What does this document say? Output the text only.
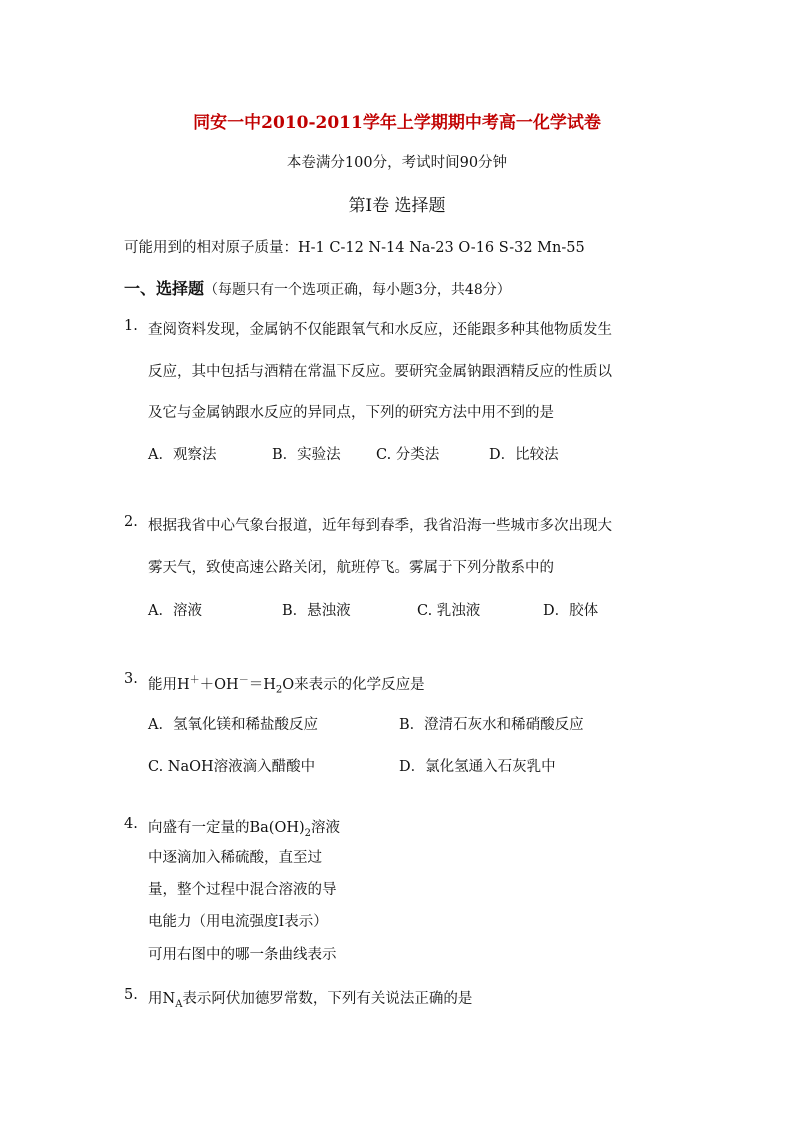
同安一中2010-2011学年上学期期中考高一化学试卷
本卷满分100分，考试时间90分钟
第Ⅰ卷 选择题
可能用到的相对原子质量：H-1 C-12 N-14 Na-23 O-16 S-32 Mn-55
一、选择题（每题只有一个选项正确，每小题3分，共48分）
1. 查阅资料发现，金属钠不仅能跟氧气和水反应，还能跟多种其他物质发生
反应，其中包括与酒精在常温下反应。要研究金属钠跟酒精反应的性质以
及它与金属钠跟水反应的异同点，下列的研究方法中用不到的是
A．观察法	B．实验法 C. 分类法	D．比较法
2. 根据我省中心气象台报道，近年每到春季，我省沿海一些城市多次出现大
雾天气，致使高速公路关闭，航班停飞。雾属于下列分散系中的
A．溶液	B．悬浊液	C. 乳浊液	D．胶体
3. 能用$H^++OH^-=H_2O$来表示的化学反应是
A．氢氧化镁和稀盐酸反应	B．澄清石灰水和稀硝酸反应
C. NaOH溶液滴入醋酸中	D．氯化氢通入石灰乳中
4. 向盛有一定量的$Ba(OH)_2$溶液
中逐滴加入稀硫酸，直至过
量，整个过程中混合溶液的导
电能力（用电流强度I表示）
可用右图中的哪一条曲线表示
5. 用$N_A$表示阿伏加德罗常数，下列有关说法正确的是
